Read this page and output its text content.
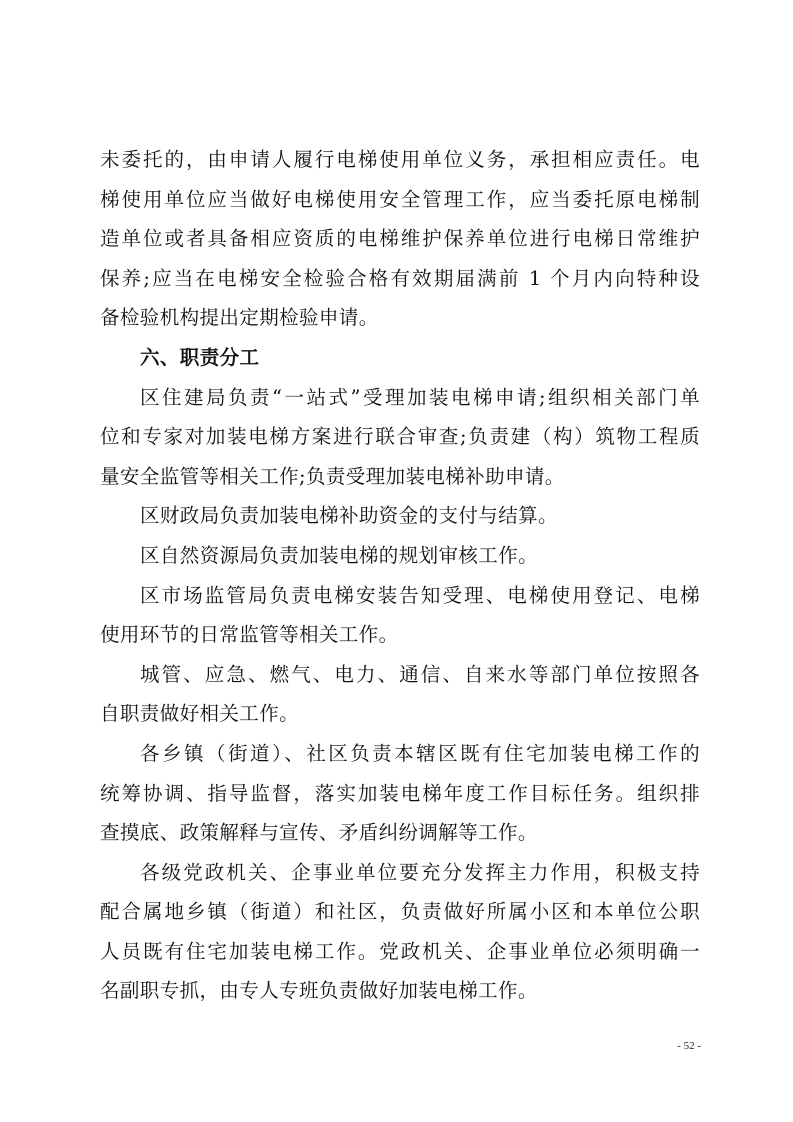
未委托的，由申请人履行电梯使用单位义务，承担相应责任。电
梯使用单位应当做好电梯使用安全管理工作，应当委托原电梯制
造单位或者具备相应资质的电梯维护保养单位进行电梯日常维护
保养;应当在电梯安全检验合格有效期届满前 1 个月内向特种设
备检验机构提出定期检验申请。
六、职责分工
区住建局负责“一站式”受理加装电梯申请;组织相关部门单
位和专家对加装电梯方案进行联合审查;负责建（构）筑物工程质
量安全监管等相关工作;负责受理加装电梯补助申请。
区财政局负责加装电梯补助资金的支付与结算。
区自然资源局负责加装电梯的规划审核工作。
区市场监管局负责电梯安装告知受理、电梯使用登记、电梯
使用环节的日常监管等相关工作。
城管、应急、燃气、电力、通信、自来水等部门单位按照各
自职责做好相关工作。
各乡镇（街道）、社区负责本辖区既有住宅加装电梯工作的
统筹协调、指导监督，落实加装电梯年度工作目标任务。组织排
查摸底、政策解释与宣传、矛盾纠纷调解等工作。
各级党政机关、企事业单位要充分发挥主力作用，积极支持
配合属地乡镇（街道）和社区，负责做好所属小区和本单位公职
人员既有住宅加装电梯工作。党政机关、企事业单位必须明确一
名副职专抓，由专人专班负责做好加装电梯工作。
- 52 -
